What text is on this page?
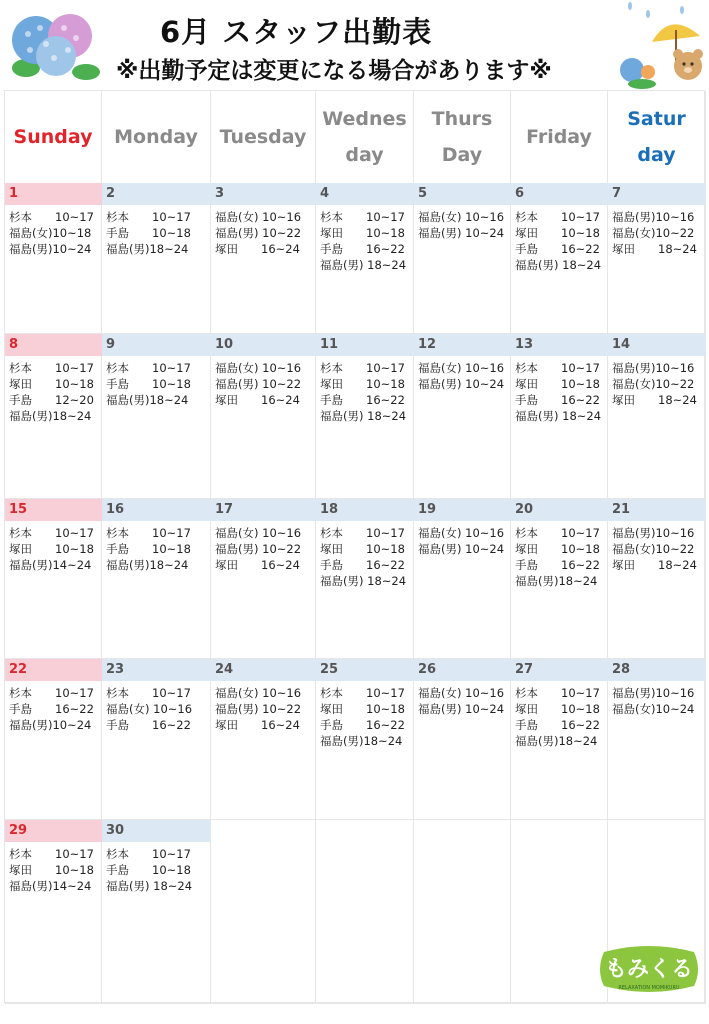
6月 スタッフ出勤表
※出勤予定は変更になる場合があります※
Sunday	Monday	Tuesday
Wednes
day
Thurs
Day
Friday
Satur
day
1
杉本　　10~17
福島(女)10~18
福島(男)10~24
2
杉本　　10~17
手島　　10~18
福島(男)18~24
3
福島(女) 10~16
福島(男) 10~22
塚田　　16~24
4
杉本　　10~17
塚田　　10~18
手島　　16~22
福島(男) 18~24
5
福島(女) 10~16
福島(男) 10~24
6
杉本　　10~17
塚田　　10~18
手島　　16~22
福島(男) 18~24
7
福島(男)10~16
福島(女)10~22
塚田　　18~24
8
杉本　　10~17
塚田　　10~18
手島　　12~20
福島(男)18~24
9
杉本　　10~17
手島　　10~18
福島(男)18~24
10
福島(女) 10~16
福島(男) 10~22
塚田　　16~24
11
杉本　　10~17
塚田　　10~18
手島　　16~22
福島(男) 18~24
12
福島(女) 10~16
福島(男) 10~24
13
杉本　　10~17
塚田　　10~18
手島　　16~22
福島(男) 18~24
14
福島(男)10~16
福島(女)10~22
塚田　　18~24
15
杉本　　10~17
塚田　　10~18
福島(男)14~24
16
杉本　　10~17
手島　　10~18
福島(男)18~24
17
福島(女) 10~16
福島(男) 10~22
塚田　　16~24
18
杉本　　10~17
塚田　　10~18
手島　　16~22
福島(男) 18~24
19
福島(女) 10~16
福島(男) 10~24
20
杉本　　10~17
塚田　　10~18
手島　　16~22
福島(男)18~24
21
福島(男)10~16
福島(女)10~22
塚田　　18~24
22
杉本　　10~17
手島　　16~22
福島(男)10~24
23
杉本　　10~17
福島(女) 10~16
手島　　16~22
24
福島(女) 10~16
福島(男) 10~22
塚田　　16~24
25
杉本　　10~17
塚田　　10~18
手島　　16~22
福島(男)18~24
26
福島(女) 10~16
福島(男) 10~24
27
杉本　　10~17
塚田　　10~18
手島　　16~22
福島(男)18~24
28
福島(男)10~16
福島(女)10~24
29
杉本　　10~17
塚田　　10~18
福島(男)14~24
30
杉本　　10~17
手島　　10~18
福島(男) 18~24
もみくる
RELAXATION MOMIKURU
